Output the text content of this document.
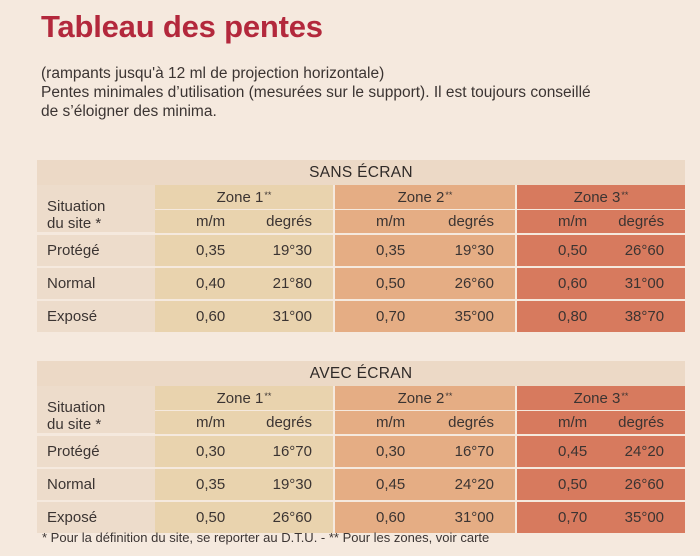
Tableau des pentes
(rampants jusqu'à 12 ml de projection horizontale)
Pentes minimales d’utilisation (mesurées sur le support). Il est toujours conseillé
de s’éloigner des minima.
SANS ÉCRAN						
Situation
du site *	Zone 1**		Zone 2**		Zone 3**
	m/m	degrés	m/m	degrés	m/m	degrés
Protégé	0,35	19°30	0,35	19°30	0,50	26°60
Normal	0,40	21°80	0,50	26°60	0,60	31°00
Exposé	0,60	31°00	0,70	35°00	0,80	38°70
AVEC ÉCRAN						
Situation
du site *	Zone 1**		Zone 2**		Zone 3**
	m/m	degrés	m/m	degrés	m/m	degrés
Protégé	0,30	16°70	0,30	16°70	0,45	24°20
Normal	0,35	19°30	0,45	24°20	0,50	26°60
Exposé	0,50	26°60	0,60	31°00	0,70	35°00
* Pour la définition du site, se reporter au D.T.U. - ** Pour les zones, voir carte
